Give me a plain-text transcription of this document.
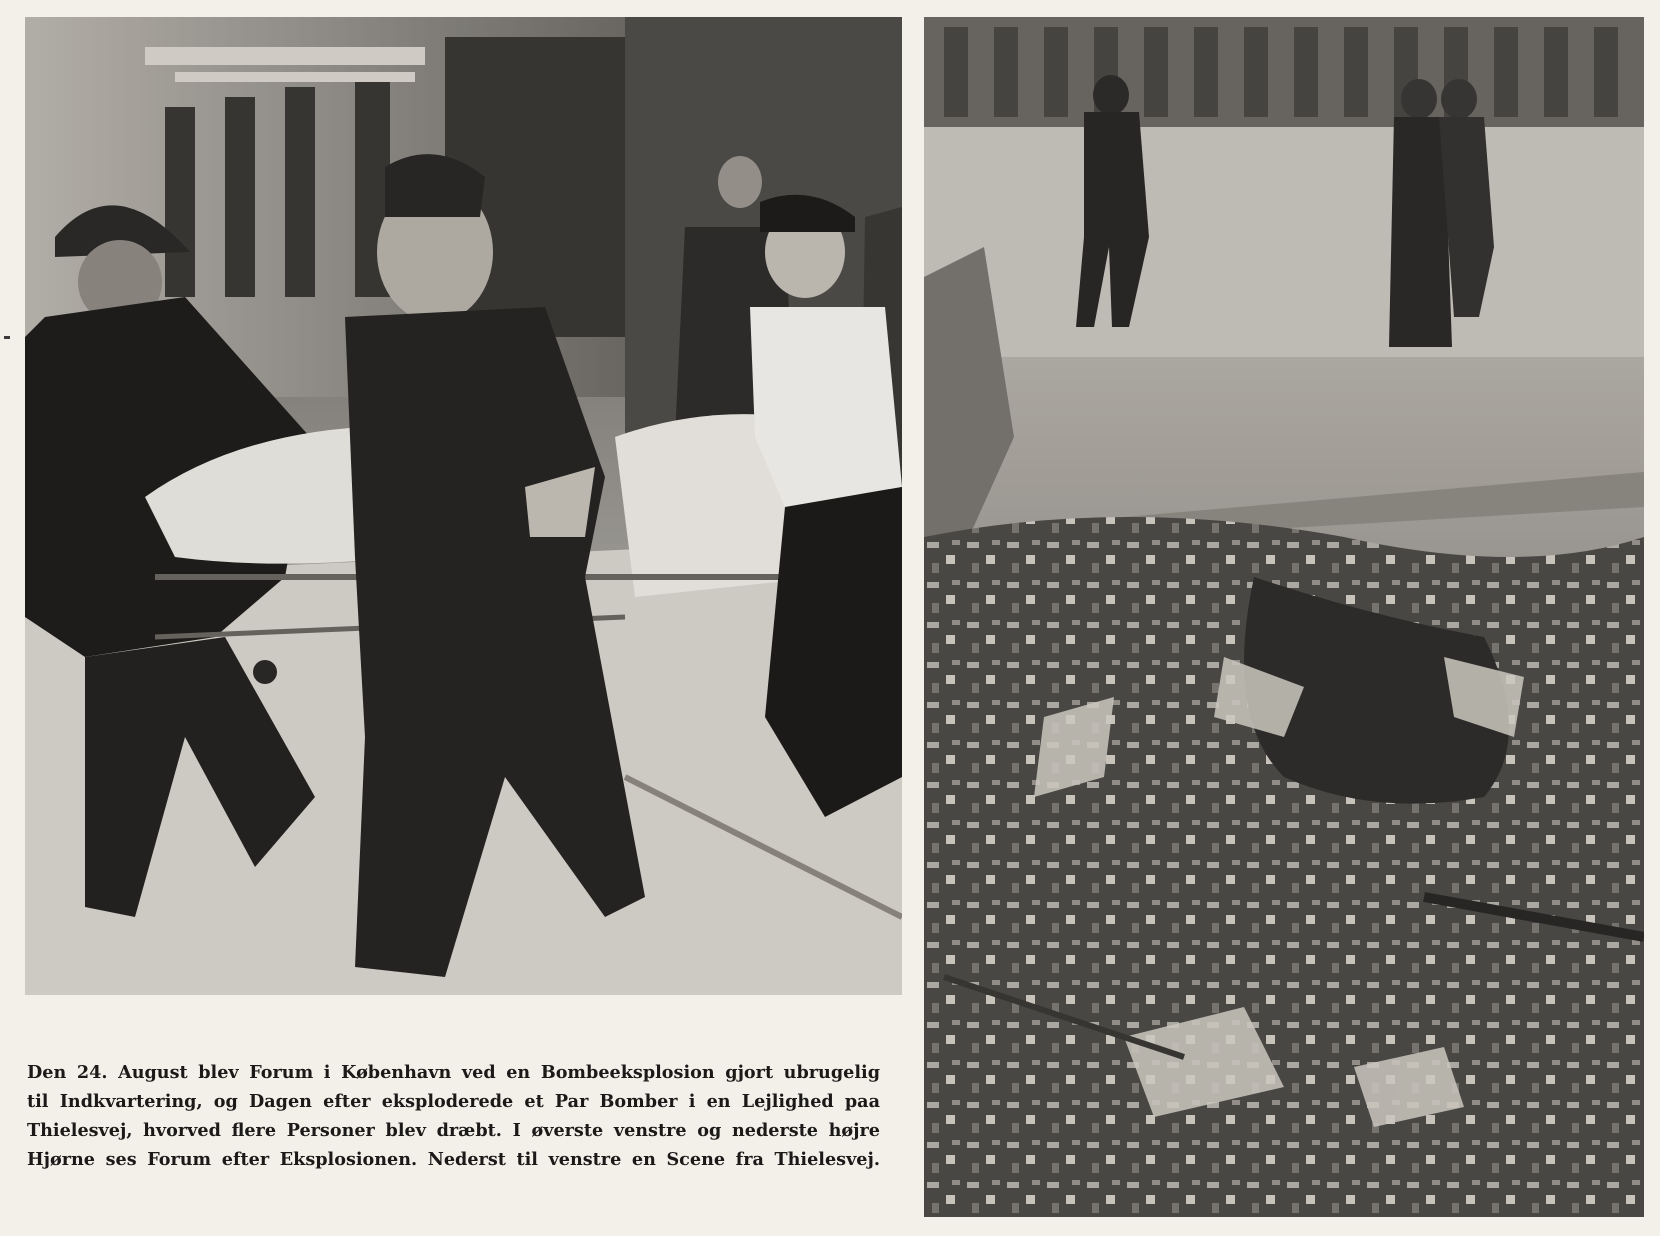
Den 24. August blev Forum i København ved en Bombeeksplosion gjort ubrugelig
til Indkvartering, og Dagen efter eksploderede et Par Bomber i en Lejlighed paa
Thielesvej, hvorved flere Personer blev dræbt. I øverste venstre og nederste højre
Hjørne ses Forum efter Eksplosionen. Nederst til venstre en Scene fra Thielesvej.
